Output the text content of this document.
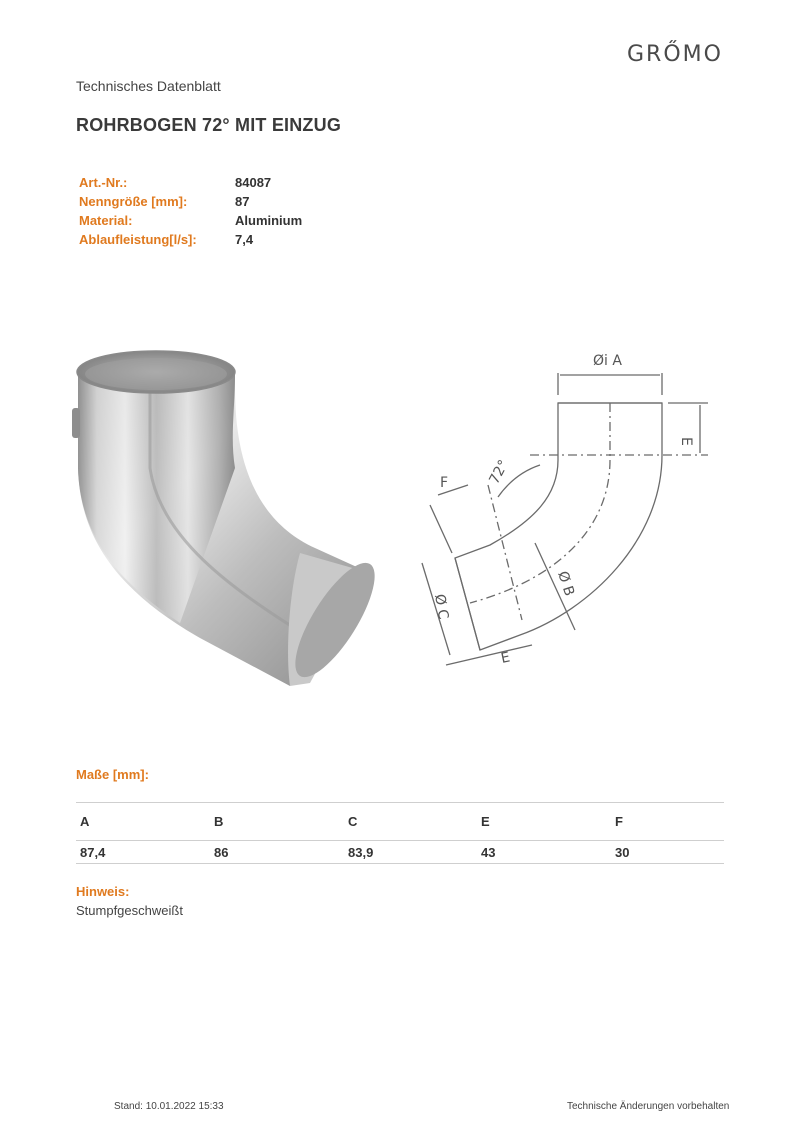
GRŐMO
Technisches Datenblatt
ROHRBOGEN 72° MIT EINZUG
Art.-Nr.:	84087
Nenngröße [mm]:	87
Material:	Aluminium
Ablaufleistung[l/s]:	7,4
Øi A
E
F	72°
Ø B
Ø C
E
Maße [mm]:
A	B	C	E	F
87,4	86	83,9	43	30
Hinweis:
Stumpfgeschweißt
Stand: 10.01.2022 15:33	Technische Änderungen vorbehalten
